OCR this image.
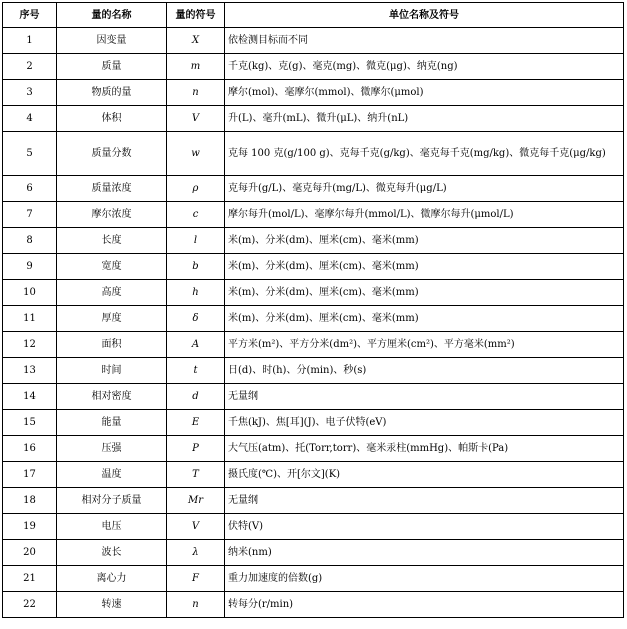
序号	量的名称	量的符号	单位名称及符号
1	因变量	X	依检测目标而不同
2	质量	m	千克(kg)、克(g)、毫克(mg)、微克(μg)、纳克(ng)
3	物质的量	n	摩尔(mol)、毫摩尔(mmol)、微摩尔(μmol)
4	体积	V	升(L)、毫升(mL)、微升(μL)、纳升(nL)
5	质量分数	w	克每 100 克(g/100 g)、克每千克(g/kg)、毫克每千克(mg/kg)、微克每千克(μg/kg)
6	质量浓度	ρ	克每升(g/L)、毫克每升(mg/L)、微克每升(μg/L)
7	摩尔浓度	c	摩尔每升(mol/L)、毫摩尔每升(mmol/L)、微摩尔每升(μmol/L)
8	长度	l	米(m)、分米(dm)、厘米(cm)、毫米(mm)
9	宽度	b	米(m)、分米(dm)、厘米(cm)、毫米(mm)
10	高度	h	米(m)、分米(dm)、厘米(cm)、毫米(mm)
11	厚度	δ	米(m)、分米(dm)、厘米(cm)、毫米(mm)
12	面积	A	平方米(m²)、平方分米(dm²)、平方厘米(cm²)、平方毫米(mm²)
13	时间	t	日(d)、时(h)、分(min)、秒(s)
14	相对密度	d	无量纲
15	能量	E	千焦(kJ)、焦[耳](J)、电子伏特(eV)
16	压强	P	大气压(atm)、托(Torr,torr)、毫米汞柱(mmHg)、帕斯卡(Pa)
17	温度	T	摄氏度(℃)、开[尔文](K)
18	相对分子质量	Mr	无量纲
19	电压	V	伏特(V)
20	波长	λ	纳米(nm)
21	离心力	F	重力加速度的倍数(g)
22	转速	n	转每分(r/min)
